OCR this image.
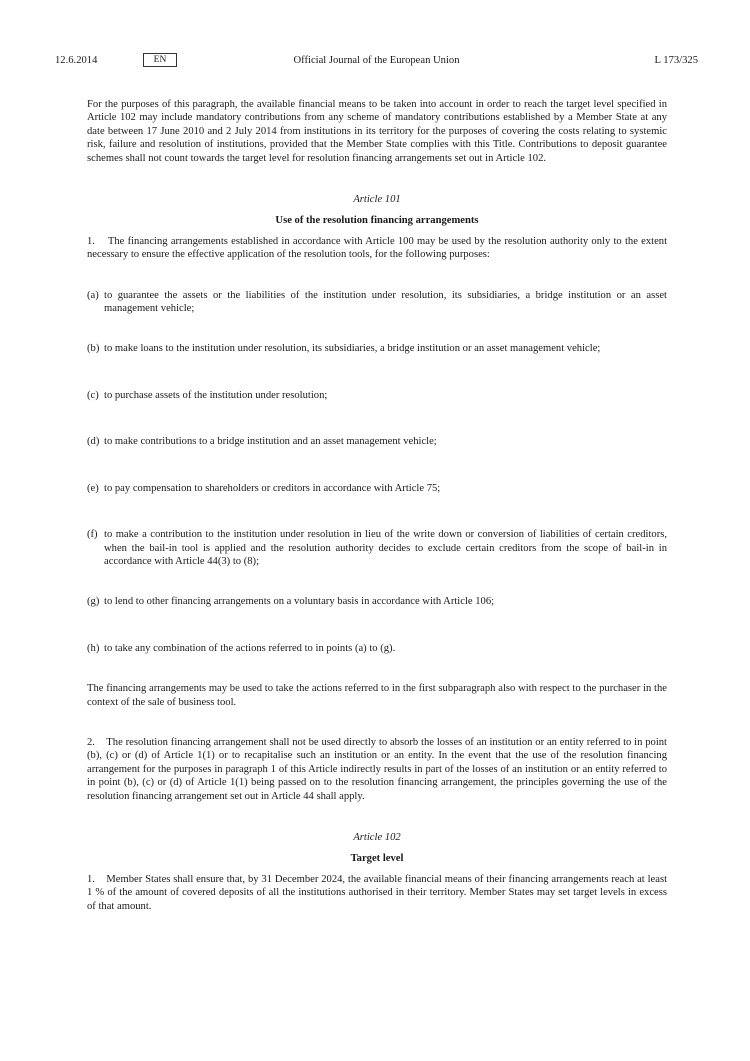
12.6.2014	EN	Official Journal of the European Union	L 173/325

For the purposes of this paragraph, the available financial means to be taken into account in order to reach the target level specified in Article 102 may include mandatory contributions from any scheme of mandatory contributions established by a Member State at any date between 17 June 2010 and 2 July 2014 from institutions in its territory for the purposes of covering the costs relating to systemic risk, failure and resolution of institutions, provided that the Member State complies with this Title. Contributions to deposit guarantee schemes shall not count towards the target level for resolution financing arrangements set out in Article 102.

Article 101

Use of the resolution financing arrangements

1. The financing arrangements established in accordance with Article 100 may be used by the resolution authority only to the extent necessary to ensure the effective application of the resolution tools, for the following purposes:

(a) to guarantee the assets or the liabilities of the institution under resolution, its subsidiaries, a bridge institution or an asset management vehicle;

(b) to make loans to the institution under resolution, its subsidiaries, a bridge institution or an asset management vehicle;

(c) to purchase assets of the institution under resolution;

(d) to make contributions to a bridge institution and an asset management vehicle;

(e) to pay compensation to shareholders or creditors in accordance with Article 75;

(f) to make a contribution to the institution under resolution in lieu of the write down or conversion of liabilities of certain creditors, when the bail-in tool is applied and the resolution authority decides to exclude certain creditors from the scope of bail-in in accordance with Article 44(3) to (8);

(g) to lend to other financing arrangements on a voluntary basis in accordance with Article 106;

(h) to take any combination of the actions referred to in points (a) to (g).

The financing arrangements may be used to take the actions referred to in the first subparagraph also with respect to the purchaser in the context of the sale of business tool.

2. The resolution financing arrangement shall not be used directly to absorb the losses of an institution or an entity referred to in point (b), (c) or (d) of Article 1(1) or to recapitalise such an institution or an entity. In the event that the use of the resolution financing arrangement for the purposes in paragraph 1 of this Article indirectly results in part of the losses of an institution or an entity referred to in point (b), (c) or (d) of Article 1(1) being passed on to the resolution financing arrangement, the principles governing the use of the resolution financing arrangement set out in Article 44 shall apply.

Article 102

Target level

1. Member States shall ensure that, by 31 December 2024, the available financial means of their financing arrangements reach at least 1 % of the amount of covered deposits of all the institutions authorised in their territory. Member States may set target levels in excess of that amount.
